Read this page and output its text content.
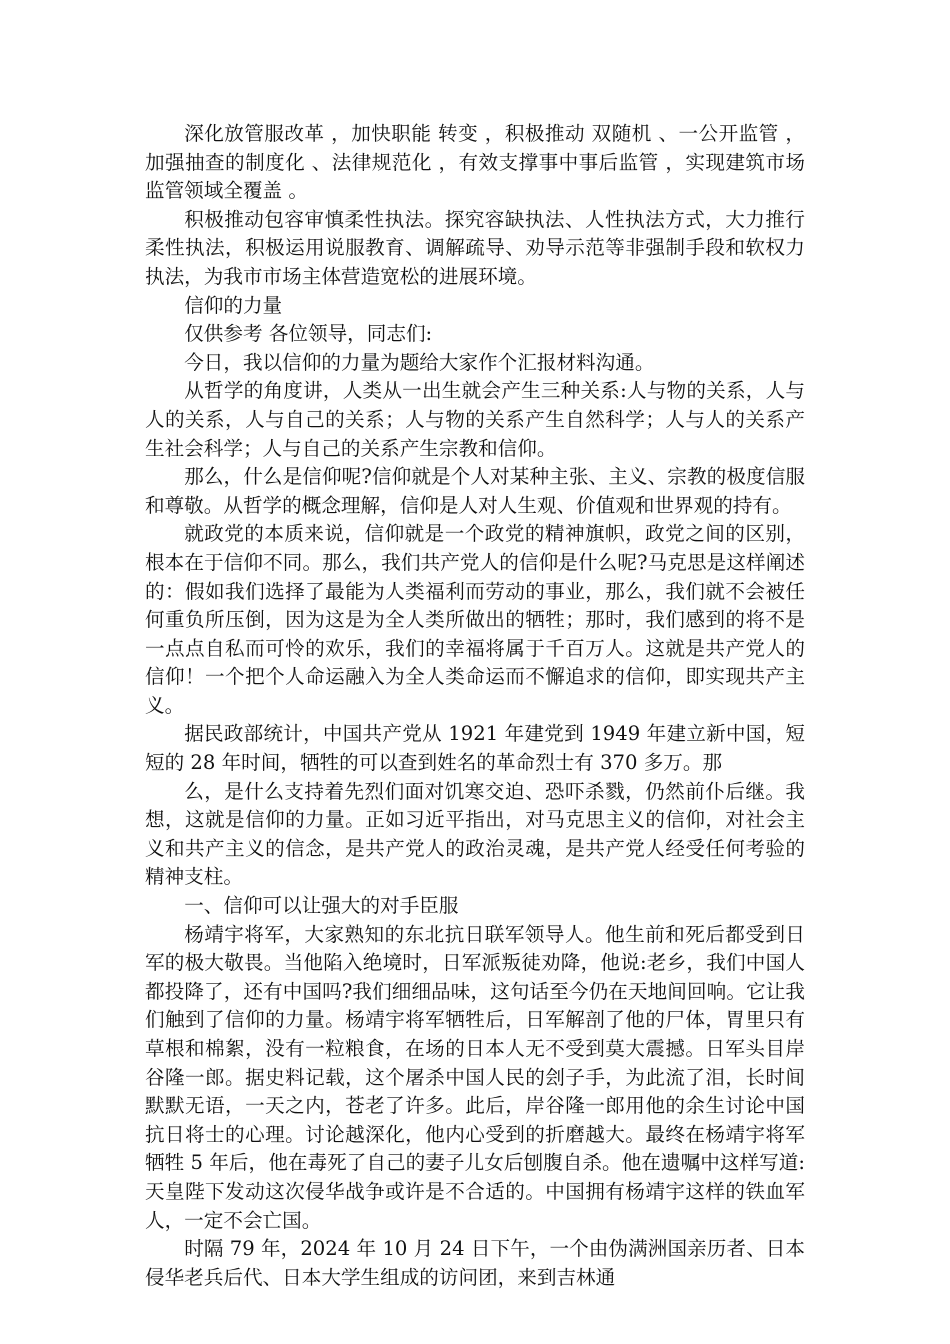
深化放管服改革 ，加快职能 转变 ，积极推动 双随机 、一公开监管 ，加强抽查的制度化 、法律规范化 ，有效支撑事中事后监管 ，实现建筑市场监管领域全覆盖 。

积极推动包容审慎柔性执法。探究容缺执法、人性执法方式，大力推行柔性执法，积极运用说服教育、调解疏导、劝导示范等非强制手段和软权力执法，为我市市场主体营造宽松的进展环境。

信仰的力量

仅供参考 各位领导，同志们:

今日，我以信仰的力量为题给大家作个汇报材料沟通。

从哲学的角度讲，人类从一出生就会产生三种关系:人与物的关系，人与人的关系，人与自己的关系；人与物的关系产生自然科学；人与人的关系产生社会科学；人与自己的关系产生宗教和信仰。

那么，什么是信仰呢?信仰就是个人对某种主张、主义、宗教的极度信服和尊敬。从哲学的概念理解，信仰是人对人生观、价值观和世界观的持有。

就政党的本质来说，信仰就是一个政党的精神旗帜，政党之间的区别，根本在于信仰不同。那么，我们共产党人的信仰是什么呢?马克思是这样阐述的：假如我们选择了最能为人类福利而劳动的事业，那么，我们就不会被任何重负所压倒，因为这是为全人类所做出的牺牲；那时，我们感到的将不是一点点自私而可怜的欢乐，我们的幸福将属于千百万人。这就是共产党人的信仰！一个把个人命运融入为全人类命运而不懈追求的信仰，即实现共产主义。

据民政部统计，中国共产党从 1921 年建党到 1949 年建立新中国，短短的 28 年时间，牺牲的可以查到姓名的革命烈士有 370 多万。那

么，是什么支持着先烈们面对饥寒交迫、恐吓杀戮，仍然前仆后继。我想，这就是信仰的力量。正如习近平指出，对马克思主义的信仰，对社会主义和共产主义的信念，是共产党人的政治灵魂，是共产党人经受任何考验的精神支柱。

一、信仰可以让强大的对手臣服

杨靖宇将军，大家熟知的东北抗日联军领导人。他生前和死后都受到日军的极大敬畏。当他陷入绝境时，日军派叛徒劝降，他说:老乡，我们中国人都投降了，还有中国吗?我们细细品味，这句话至今仍在天地间回响。它让我们触到了信仰的力量。杨靖宇将军牺牲后，日军解剖了他的尸体，胃里只有草根和棉絮，没有一粒粮食，在场的日本人无不受到莫大震撼。日军头目岸谷隆一郎。据史料记载，这个屠杀中国人民的刽子手，为此流了泪，长时间默默无语，一天之内，苍老了许多。此后，岸谷隆一郎用他的余生讨论中国抗日将士的心理。讨论越深化，他内心受到的折磨越大。最终在杨靖宇将军牺牲 5 年后，他在毒死了自己的妻子儿女后刨腹自杀。他在遗嘱中这样写道:天皇陛下发动这次侵华战争或许是不合适的。中国拥有杨靖宇这样的铁血军人，一定不会亡国。

时隔 79 年，2024 年 10 月 24 日下午，一个由伪满洲国亲历者、日本侵华老兵后代、日本大学生组成的访问团，来到吉林通
